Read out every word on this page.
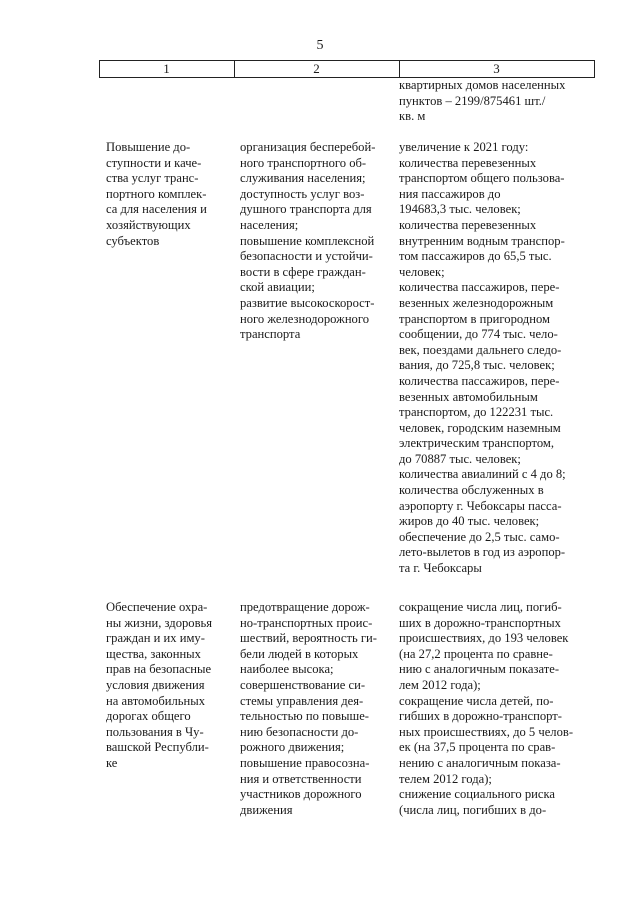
5
1	2	3
квартирных домов населенных
пунктов – 2199/875461 шт./
кв. м
Повышение до-
ступности и каче-
ства услуг транс-
портного комплек-
са для населения и
хозяйствующих
субъектов
организация бесперебой-
ного транспортного об-
служивания населения;
доступность услуг воз-
душного транспорта для
населения;
повышение комплексной
безопасности и устойчи-
вости в сфере граждан-
ской авиации;
развитие высокоскорост-
ного железнодорожного
транспорта
увеличение к 2021 году:
количества перевезенных
транспортом общего пользова-
ния пассажиров до
194683,3 тыс. человек;
количества перевезенных
внутренним водным транспор-
том пассажиров до 65,5 тыс.
человек;
количества пассажиров, пере-
везенных железнодорожным
транспортом в пригородном
сообщении, до 774 тыс. чело-
век, поездами дальнего следо-
вания, до 725,8 тыс. человек;
количества пассажиров, пере-
везенных автомобильным
транспортом, до 122231 тыс.
человек, городским наземным
электрическим транспортом,
до 70887 тыс. человек;
количества авиалиний с 4 до 8;
количества обслуженных в
аэропорту г. Чебоксары пасса-
жиров до 40 тыс. человек;
обеспечение до 2,5 тыс. само-
лето-вылетов в год из аэропор-
та г. Чебоксары
Обеспечение охра-
ны жизни, здоровья
граждан и их иму-
щества, законных
прав на безопасные
условия движения
на автомобильных
дорогах общего
пользования в Чу-
вашской Республи-
ке
предотвращение дорож-
но-транспортных проис-
шествий, вероятность ги-
бели людей в которых
наиболее высока;
совершенствование си-
стемы управления дея-
тельностью по повыше-
нию безопасности до-
рожного движения;
повышение правосозна-
ния и ответственности
участников дорожного
движения
сокращение числа лиц, погиб-
ших в дорожно-транспортных
происшествиях, до 193 человек
(на 27,2 процента по сравне-
нию с аналогичным показате-
лем 2012 года);
сокращение числа детей, по-
гибших в дорожно-транспорт-
ных происшествиях, до 5 челов-
ек (на 37,5 процента по срав-
нению с аналогичным показа-
телем 2012 года);
снижение социального риска
(числа лиц, погибших в до-
